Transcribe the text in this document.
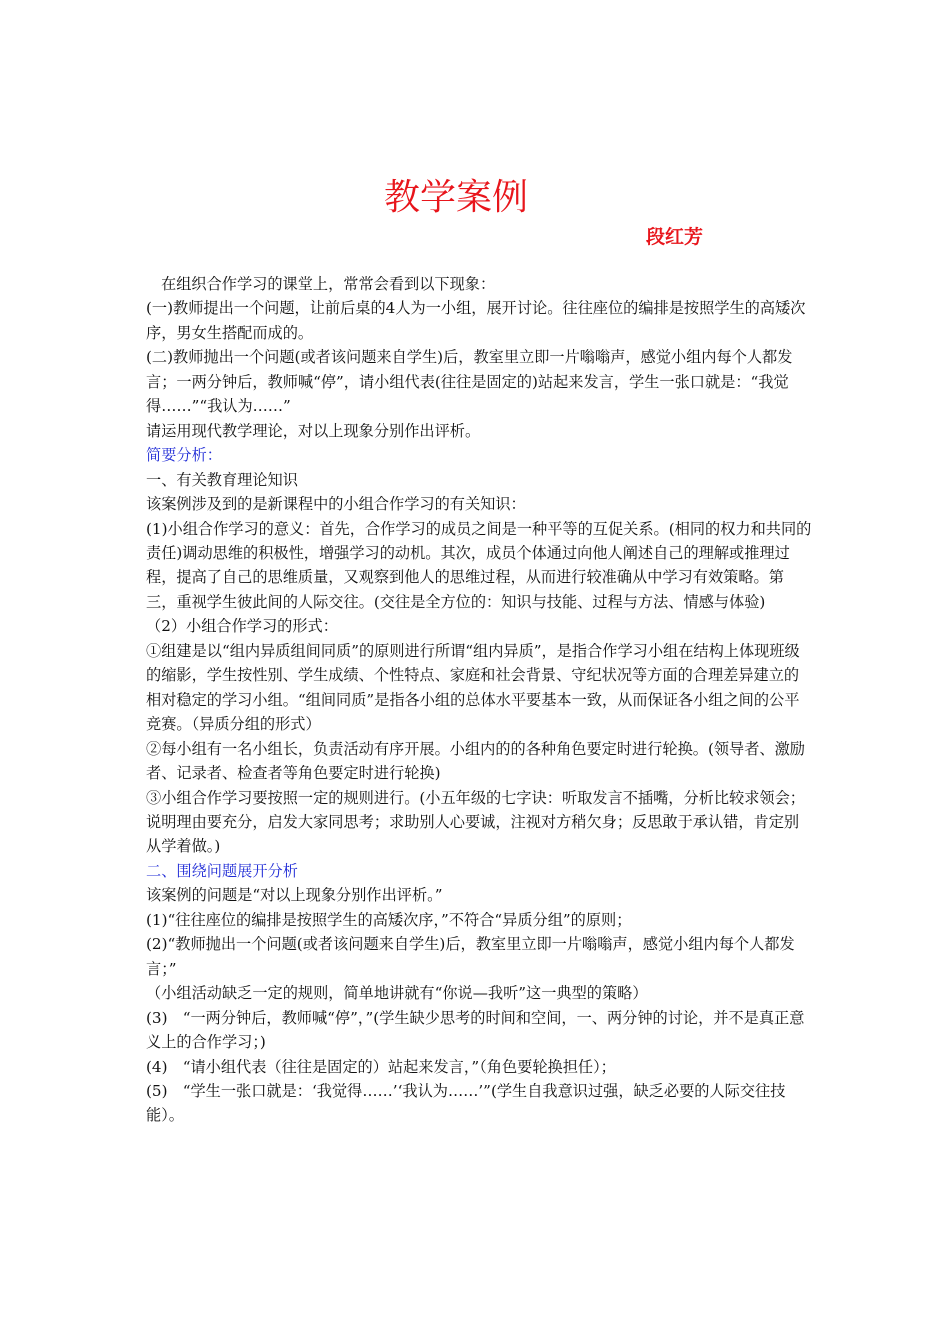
教学案例
段红芳

在组织合作学习的课堂上，常常会看到以下现象：

(一)教师提出一个问题，让前后桌的4人为一小组，展开讨论。往往座位的编排是按照学生的高矮次序，男女生搭配而成的。

(二)教师抛出一个问题(或者该问题来自学生)后，教室里立即一片嗡嗡声，感觉小组内每个人都发言；一两分钟后，教师喊“停”，请小组代表(往往是固定的)站起来发言，学生一张口就是：“我觉得‥‥‥”“我认为‥‥‥”

请运用现代教学理论，对以上现象分别作出评析。

简要分析：

一、有关教育理论知识

该案例涉及到的是新课程中的小组合作学习的有关知识：

(1)小组合作学习的意义：首先，合作学习的成员之间是一种平等的互促关系。(相同的权力和共同的责任)调动思维的积极性，增强学习的动机。其次，成员个体通过向他人阐述自己的理解或推理过程，提高了自己的思维质量，又观察到他人的思维过程，从而进行较准确从中学习有效策略。第三，重视学生彼此间的人际交往。(交往是全方位的：知识与技能、过程与方法、情感与体验)

（2）小组合作学习的形式：

①组建是以“组内异质组间同质”的原则进行所谓“组内异质”，是指合作学习小组在结构上体现班级的缩影，学生按性别、学生成绩、个性特点、家庭和社会背景、守纪状况等方面的合理差异建立的相对稳定的学习小组。“组间同质”是指各小组的总体水平要基本一致，从而保证各小组之间的公平竞赛。（异质分组的形式）

②每小组有一名小组长，负责活动有序开展。小组内的的各种角色要定时进行轮换。(领导者、激励者、记录者、检查者等角色要定时进行轮换)

③小组合作学习要按照一定的规则进行。(小五年级的七字诀：听取发言不插嘴，分析比较求领会；说明理由要充分，启发大家同思考；求助别人心要诚，注视对方稍欠身；反思敢于承认错，肯定别从学着做。)

二、围绕问题展开分析

该案例的问题是“对以上现象分别作出评析。”

(1)“往往座位的编排是按照学生的高矮次序，”不符合“异质分组”的原则；

(2)“教师抛出一个问题(或者该问题来自学生)后，教室里立即一片嗡嗡声，感觉小组内每个人都发言；”

（小组活动缺乏一定的规则，简单地讲就有“你说—我听”这一典型的策略）

(3)　“一两分钟后，教师喊“停”，”(学生缺少思考的时间和空间，一、两分钟的讨论，并不是真正意义上的合作学习；)

(4)　“请小组代表（往往是固定的）站起来发言，”（角色要轮换担任）；

(5)　“学生一张口就是：‘我觉得‥‥‥’‘我认为‥‥‥’”(学生自我意识过强，缺乏必要的人际交往技能）。
